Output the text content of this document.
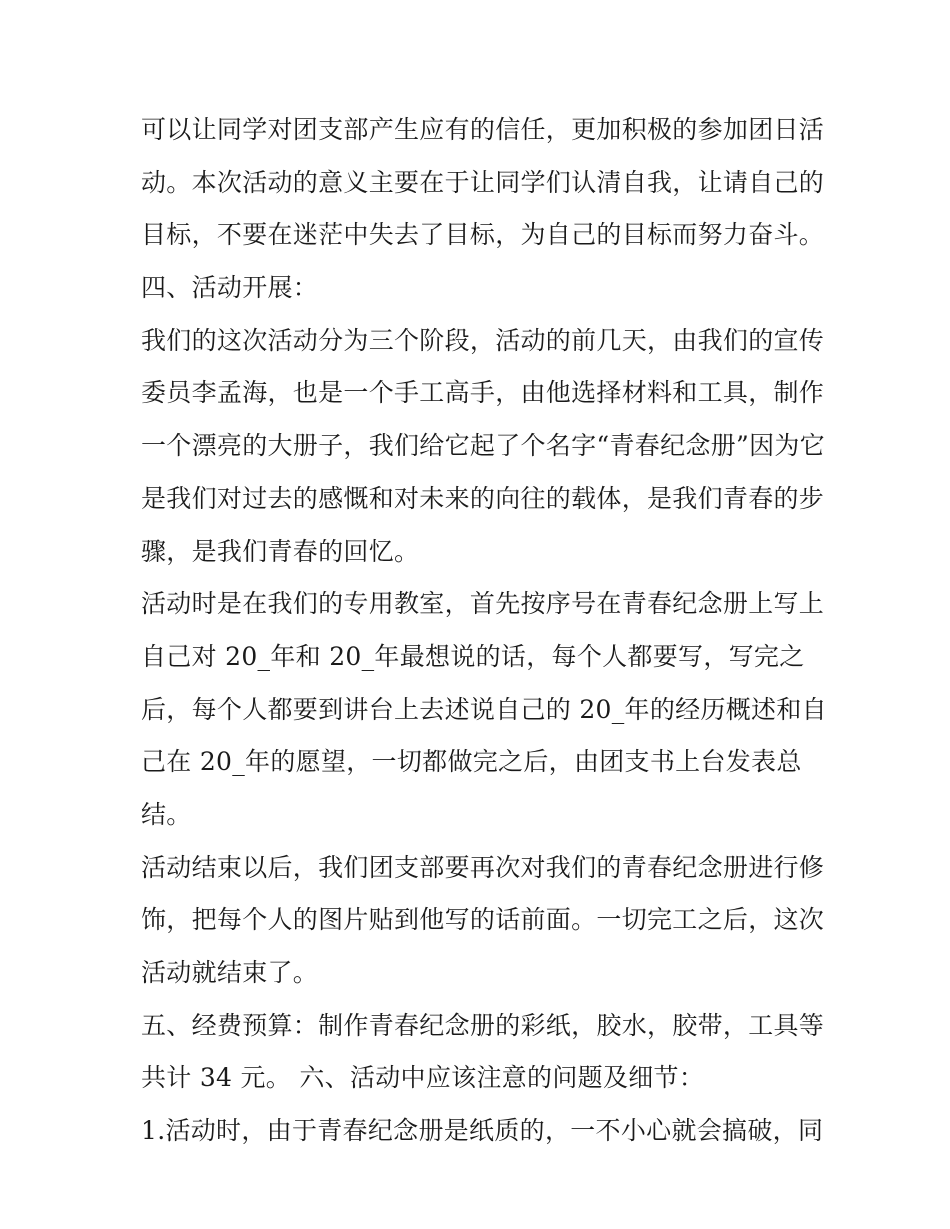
可以让同学对团支部产生应有的信任，更加积极的参加团日活
动。本次活动的意义主要在于让同学们认清自我，让请自己的
目标，不要在迷茫中失去了目标，为自己的目标而努力奋斗。
四、活动开展：
我们的这次活动分为三个阶段，活动的前几天，由我们的宣传
委员李孟海，也是一个手工高手，由他选择材料和工具，制作
一个漂亮的大册子，我们给它起了个名字“青春纪念册”因为它
是我们对过去的感慨和对未来的向往的载体，是我们青春的步
骤，是我们青春的回忆。
活动时是在我们的专用教室，首先按序号在青春纪念册上写上
自己对 20_年和 20_年最想说的话，每个人都要写，写完之
后，每个人都要到讲台上去述说自己的 20_年的经历概述和自
己在 20_年的愿望，一切都做完之后，由团支书上台发表总
结。
活动结束以后，我们团支部要再次对我们的青春纪念册进行修
饰，把每个人的图片贴到他写的话前面。一切完工之后，这次
活动就结束了。
五、经费预算：制作青春纪念册的彩纸，胶水，胶带，工具等
共计 34 元。 六、活动中应该注意的问题及细节：
1.活动时，由于青春纪念册是纸质的，一不小心就会搞破，同
